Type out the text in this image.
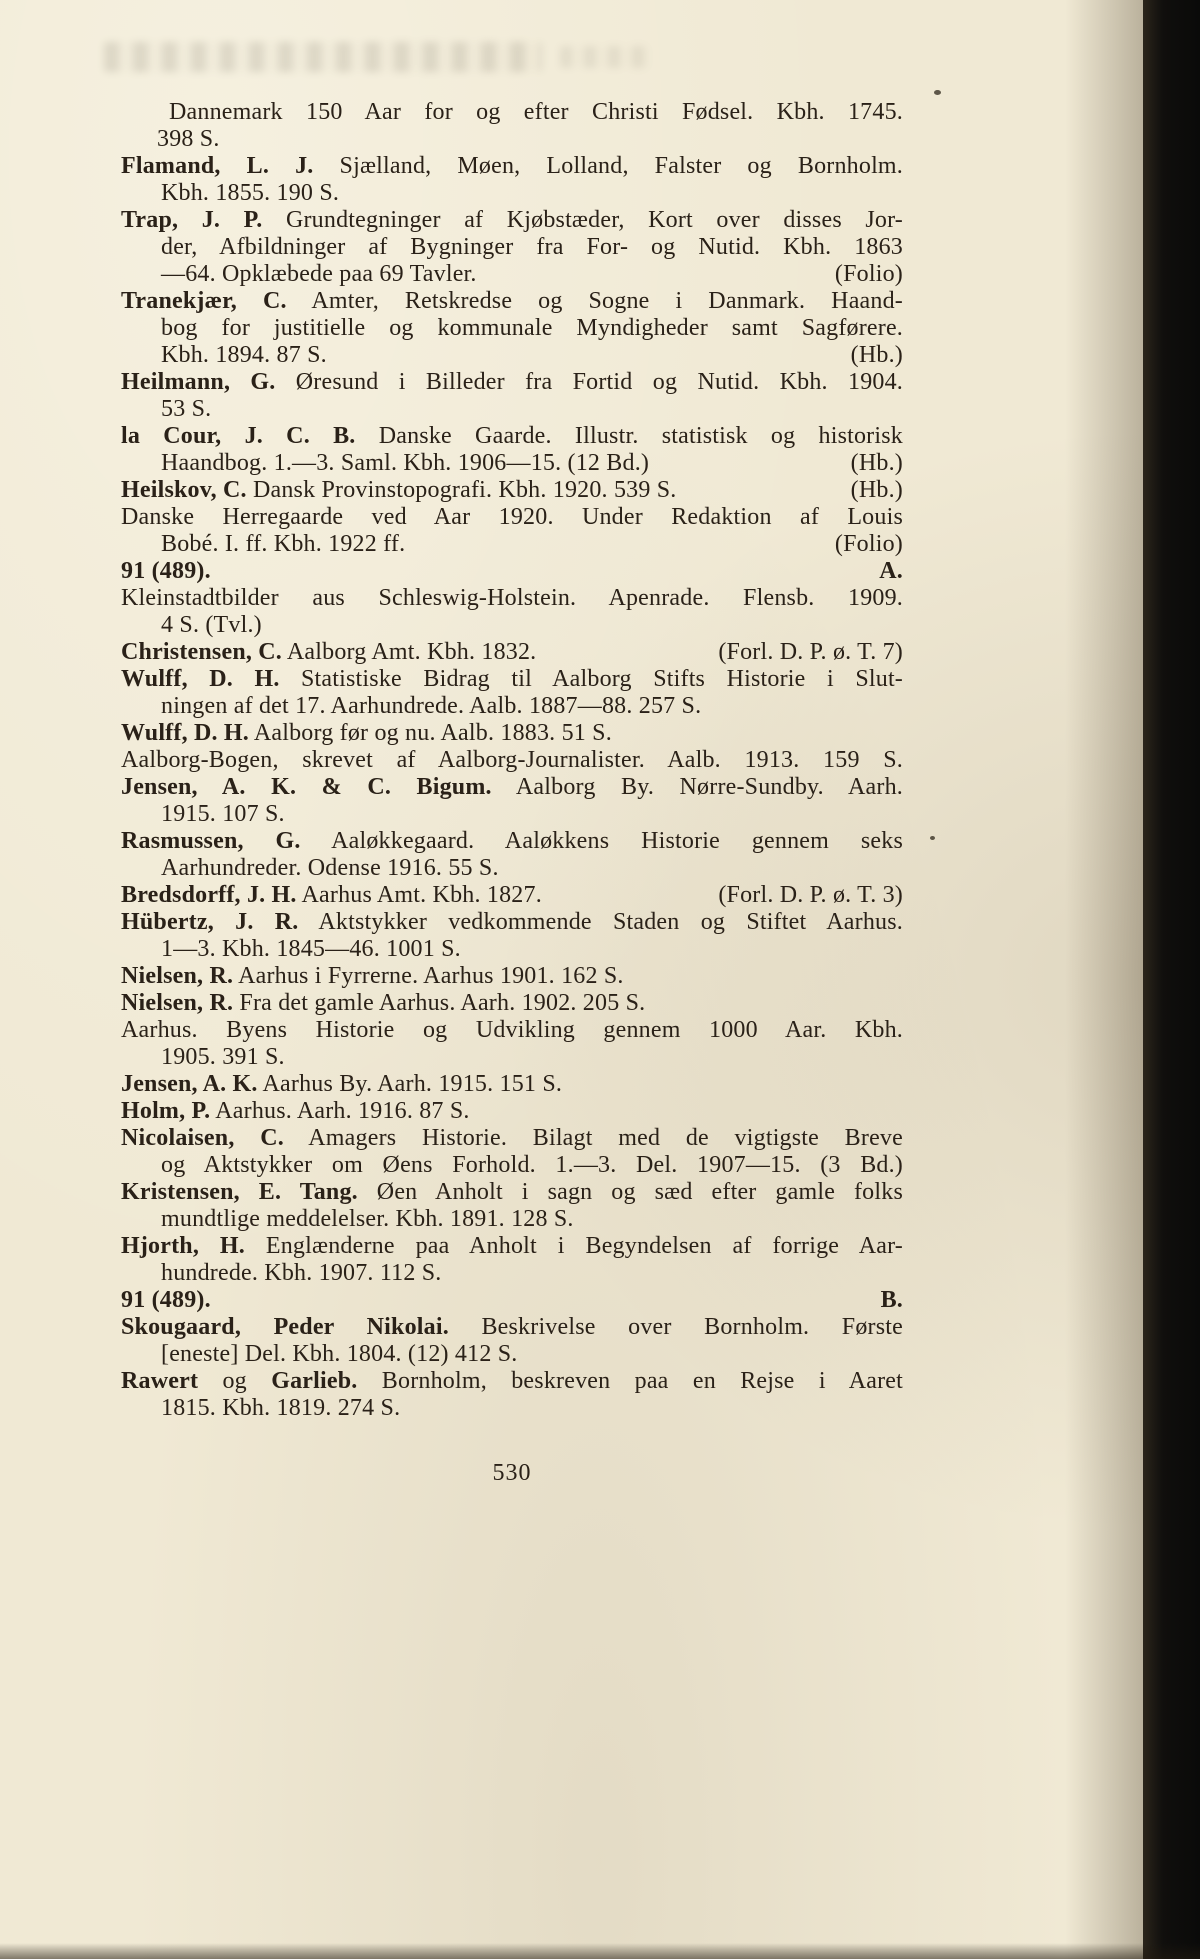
Dannemark 150 Aar for og efter Christi Fødsel. Kbh. 1745.
398 S.
Flamand, L. J. Sjælland, Møen, Lolland, Falster og Bornholm.
Kbh. 1855. 190 S.
Trap, J. P. Grundtegninger af Kjøbstæder, Kort over disses Jor-
der, Afbildninger af Bygninger fra For- og Nutid. Kbh. 1863
—64. Opklæbede paa 69 Tavler.	(Folio)
Tranekjær, C. Amter, Retskredse og Sogne i Danmark. Haand-
bog for justitielle og kommunale Myndigheder samt Sagførere.
Kbh. 1894. 87 S.	(Hb.)
Heilmann, G. Øresund i Billeder fra Fortid og Nutid. Kbh. 1904.
53 S.
la Cour, J. C. B. Danske Gaarde. Illustr. statistisk og historisk
Haandbog. 1.—3. Saml. Kbh. 1906—15. (12 Bd.)	(Hb.)
Heilskov, C. Dansk Provinstopografi. Kbh. 1920. 539 S.	(Hb.)
Danske Herregaarde ved Aar 1920. Under Redaktion af Louis
Bobé. I. ff. Kbh. 1922 ff.	(Folio)
91 (489).	A.
Kleinstadtbilder aus Schleswig-Holstein. Apenrade. Flensb. 1909.
4 S. (Tvl.)
Christensen, C. Aalborg Amt. Kbh. 1832.	(Forl. D. P. ø. T. 7)
Wulff, D. H. Statistiske Bidrag til Aalborg Stifts Historie i Slut-
ningen af det 17. Aarhundrede. Aalb. 1887—88. 257 S.
Wulff, D. H. Aalborg før og nu. Aalb. 1883. 51 S.
Aalborg-Bogen, skrevet af Aalborg-Journalister. Aalb. 1913. 159 S.
Jensen, A. K. & C. Bigum. Aalborg By. Nørre-Sundby. Aarh.
1915. 107 S.
Rasmussen, G. Aaløkkegaard. Aaløkkens Historie gennem seks
Aarhundreder. Odense 1916. 55 S.
Bredsdorff, J. H. Aarhus Amt. Kbh. 1827.	(Forl. D. P. ø. T. 3)
Hübertz, J. R. Aktstykker vedkommende Staden og Stiftet Aarhus.
1—3. Kbh. 1845—46. 1001 S.
Nielsen, R. Aarhus i Fyrrerne. Aarhus 1901. 162 S.
Nielsen, R. Fra det gamle Aarhus. Aarh. 1902. 205 S.
Aarhus. Byens Historie og Udvikling gennem 1000 Aar. Kbh.
1905. 391 S.
Jensen, A. K. Aarhus By. Aarh. 1915. 151 S.
Holm, P. Aarhus. Aarh. 1916. 87 S.
Nicolaisen, C. Amagers Historie. Bilagt med de vigtigste Breve
og Aktstykker om Øens Forhold. 1.—3. Del. 1907—15. (3 Bd.)
Kristensen, E. Tang. Øen Anholt i sagn og sæd efter gamle folks
mundtlige meddelelser. Kbh. 1891. 128 S.
Hjorth, H. Englænderne paa Anholt i Begyndelsen af forrige Aar-
hundrede. Kbh. 1907. 112 S.
91 (489).	B.
Skougaard, Peder Nikolai. Beskrivelse over Bornholm. Første
[eneste] Del. Kbh. 1804. (12) 412 S.
Rawert og Garlieb. Bornholm, beskreven paa en Rejse i Aaret
1815. Kbh. 1819. 274 S.
530
